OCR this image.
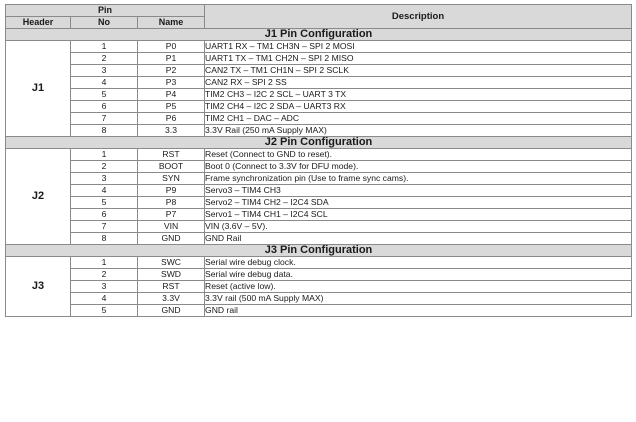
Pin			Description
Header	No	Name	
J1 Pin Configuration			
J1	1	P0	UART1 RX – TM1 CH3N – SPI 2 MOSI
	2	P1	UART1 TX – TM1 CH2N – SPI 2 MISO
	3	P2	CAN2 TX – TM1 CH1N – SPI 2 SCLK
	4	P3	CAN2 RX – SPI 2 SS
	5	P4	TIM2 CH3 – I2C 2 SCL – UART 3 TX
	6	P5	TIM2 CH4 – I2C 2 SDA – UART3 RX
	7	P6	TIM2 CH1 – DAC – ADC
	8	3.3	3.3V Rail (250 mA Supply MAX)
J2 Pin Configuration			
J2	1	RST	Reset (Connect to GND to reset).
	2	BOOT	Boot 0 (Connect to 3.3V for DFU mode).
	3	SYN	Frame synchronization pin (Use to frame sync cams).
	4	P9	Servo3 – TIM4 CH3
	5	P8	Servo2 – TIM4 CH2 – I2C4 SDA
	6	P7	Servo1 – TIM4 CH1 – I2C4 SCL
	7	VIN	VIN (3.6V – 5V).
	8	GND	GND Rail
J3 Pin Configuration			
J3	1	SWC	Serial wire debug clock.
	2	SWD	Serial wire debug data.
	3	RST	Reset (active low).
	4	3.3V	3.3V rail (500 mA Supply MAX)
	5	GND	GND rail
